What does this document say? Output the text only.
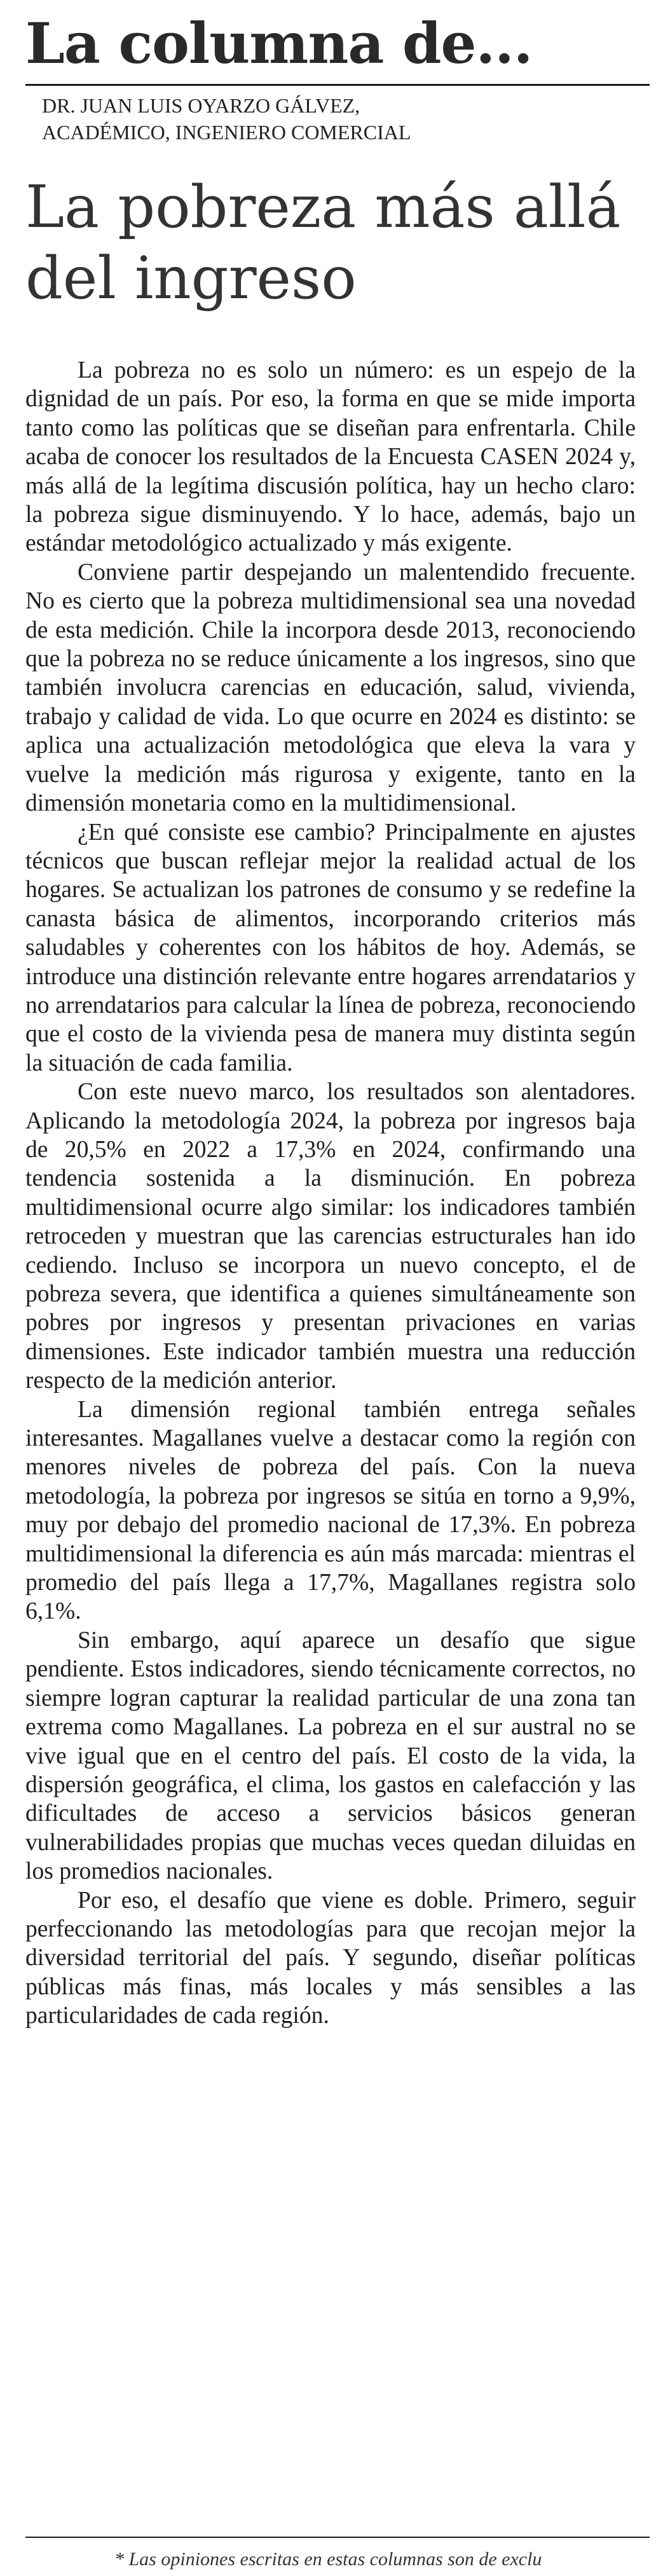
La columna de...

DR. JUAN LUIS OYARZO GÁLVEZ,
ACADÉMICO, INGENIERO COMERCIAL

La pobreza más allá del ingreso

La pobreza no es solo un número: es un espejo de la dignidad de un país. Por eso, la forma en que se mide importa tanto como las políticas que se diseñan para enfrentarla. Chile acaba de conocer los resultados de la Encuesta CASEN 2024 y, más allá de la legítima discusión política, hay un hecho claro: la pobreza sigue disminuyendo. Y lo hace, además, bajo un estándar metodológico actualizado y más exigente.

Conviene partir despejando un malentendido frecuente. No es cierto que la pobreza multidimensional sea una novedad de esta medición. Chile la incorpora desde 2013, reconociendo que la pobreza no se reduce únicamente a los ingresos, sino que también involucra carencias en educación, salud, vivienda, trabajo y calidad de vida. Lo que ocurre en 2024 es distinto: se aplica una actualización metodológica que eleva la vara y vuelve la medición más rigurosa y exigente, tanto en la dimensión monetaria como en la multidimensional.

¿En qué consiste ese cambio? Principalmente en ajustes técnicos que buscan reflejar mejor la realidad actual de los hogares. Se actualizan los patrones de consumo y se redefine la canasta básica de alimentos, incorporando criterios más saludables y coherentes con los hábitos de hoy. Además, se introduce una distinción relevante entre hogares arrendatarios y no arrendatarios para calcular la línea de pobreza, reconociendo que el costo de la vivienda pesa de manera muy distinta según la situación de cada familia.

Con este nuevo marco, los resultados son alentadores. Aplicando la metodología 2024, la pobreza por ingresos baja de 20,5% en 2022 a 17,3% en 2024, confirmando una tendencia sostenida a la disminución. En pobreza multidimensional ocurre algo similar: los indicadores también retroceden y muestran que las carencias estructurales han ido cediendo. Incluso se incorpora un nuevo concepto, el de pobreza severa, que identifica a quienes simultáneamente son pobres por ingresos y presentan privaciones en varias dimensiones. Este indicador también muestra una reducción respecto de la medición anterior.

La dimensión regional también entrega señales interesantes. Magallanes vuelve a destacar como la región con menores niveles de pobreza del país. Con la nueva metodología, la pobreza por ingresos se sitúa en torno a 9,9%, muy por debajo del promedio nacional de 17,3%. En pobreza multidimensional la diferencia es aún más marcada: mientras el promedio del país llega a 17,7%, Magallanes registra solo 6,1%.

Sin embargo, aquí aparece un desafío que sigue pendiente. Estos indicadores, siendo técnicamente correctos, no siempre logran capturar la realidad particular de una zona tan extrema como Magallanes. La pobreza en el sur austral no se vive igual que en el centro del país. El costo de la vida, la dispersión geográfica, el clima, los gastos en calefacción y las dificultades de acceso a servicios básicos generan vulnerabilidades propias que muchas veces quedan diluidas en los promedios nacionales.

Por eso, el desafío que viene es doble. Primero, seguir perfeccionando las metodologías para que recojan mejor la diversidad territorial del país. Y segundo, diseñar políticas públicas más finas, más locales y más sensibles a las particularidades de cada región.

* Las opiniones escritas en estas columnas son de exclu
